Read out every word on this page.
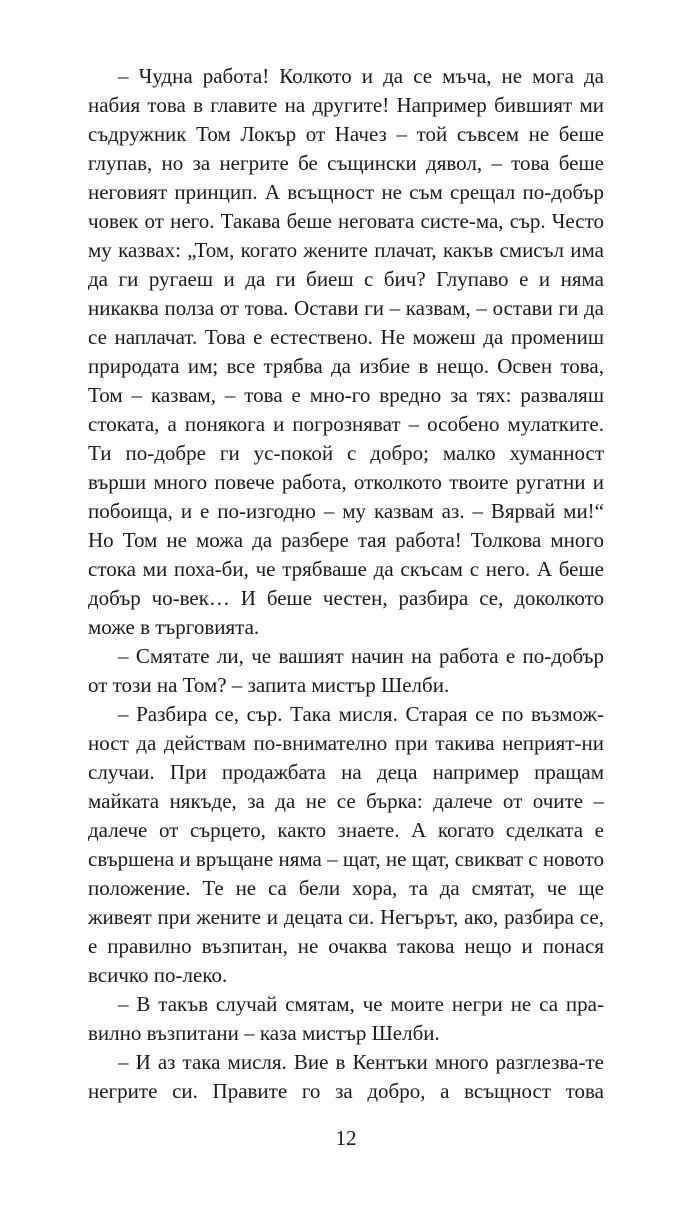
– Чудна работа! Колкото и да се мъча, не мога да набия това в главите на другите! Например бившият ми съдружник Том Локър от Начез – той съвсем не беше глупав, но за негрите бе същински дявол, – това беше неговият принцип. А всъщност не съм срещал по-добър човек от него. Такава беше неговата систе-ма, сър. Често му казвах: „Том, когато жените плачат, какъв смисъл има да ги ругаеш и да ги биеш с бич? Глупаво е и няма никаква полза от това. Остави ги – казвам, – остави ги да се наплачат. Това е естествено. Не можеш да промениш природата им; все трябва да избие в нещо. Освен това, Том – казвам, – това е мно-го вредно за тях: разваляш стоката, а понякога и погрозняват – особено мулатките. Ти по-добре ги ус-покой с добро; малко хуманност върши много повече работа, отколкото твоите ругатни и побоища, и е по-изгодно – му казвам аз. – Вярвай ми!“ Но Том не можа да разбере тая работа! Толкова много стока ми поха-би, че трябваше да скъсам с него. А беше добър чо-век… И беше честен, разбира се, доколкото може в търговията.

– Смятате ли, че вашият начин на работа е по-добър от този на Том? – запита мистър Шелби.

– Разбира се, сър. Така мисля. Старая се по възмож-ност да действам по-внимателно при такива неприят-ни случаи. При продажбата на деца например пращам майката някъде, за да не се бърка: далече от очите – далече от сърцето, както знаете. А когато сделката е свършена и връщане няма – щат, не щат, свикват с новото положение. Те не са бели хора, та да смятат, че ще живеят при жените и децата си. Негърът, ако, разбира се, е правилно възпитан, не очаква такова нещо и понася всичко по-леко.

– В такъв случай смятам, че моите негри не са пра-вилно възпитани – каза мистър Шелби.

– И аз така мисля. Вие в Кентъки много разглезва-те негрите си. Правите го за добро, а всъщност това

12
